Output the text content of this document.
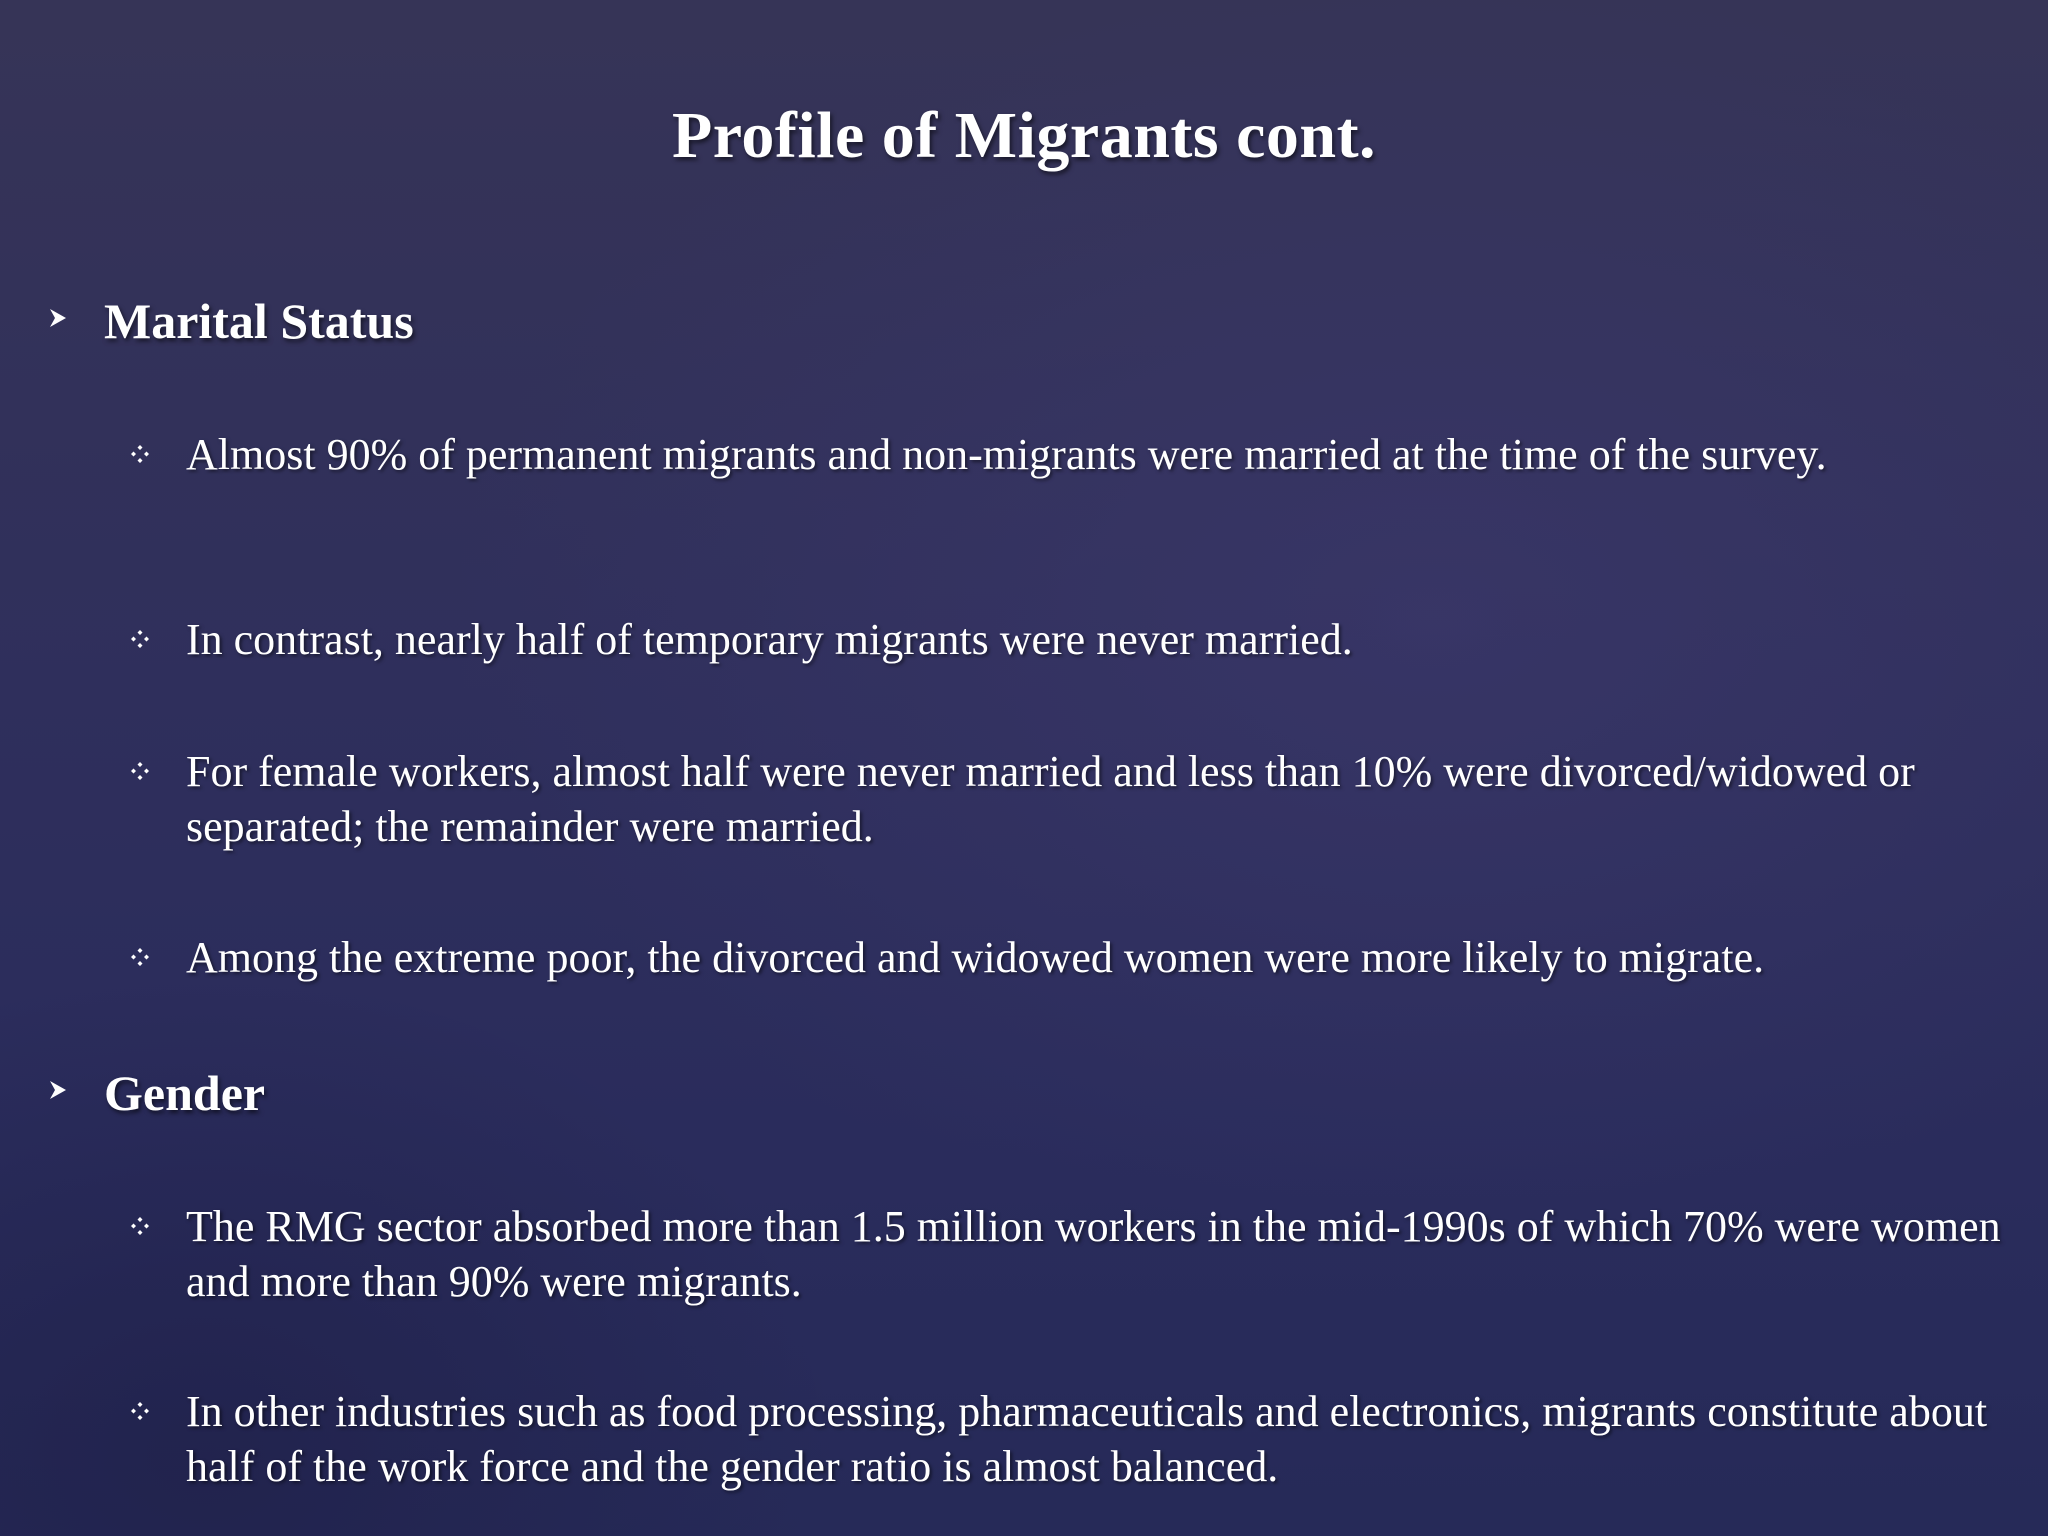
Profile of Migrants cont.
Marital Status
Almost 90% of permanent migrants and non-migrants were married at the time of the survey.
In contrast, nearly half of temporary migrants were never married.
For female workers, almost half were never married and less than 10% were divorced/widowed or separated; the remainder were married.
Among the extreme poor, the divorced and widowed women were more likely to migrate.
Gender
The RMG sector absorbed more than 1.5 million workers in the mid-1990s of which 70% were women and more than 90% were migrants.
In other industries such as food processing, pharmaceuticals and electronics, migrants constitute about half of the work force and the gender ratio is almost balanced.
